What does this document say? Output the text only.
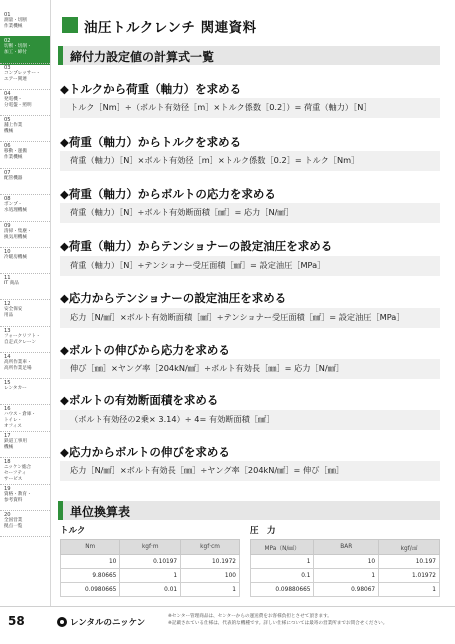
01
測量・切断
作業機械
02
切断・切削・
加工・締付
03
コンプレッサー・
エアー関連
04
発電機・
分電盤・照明
05
舗上作業
機械
06
移動・運搬
作業機械
07
配管機器
08
ポンプ・
水処理機械
09
清掃・集塵・
換気用機械
10
冷暖房機械
11
IT 商品
12
安全保安
用品
13
フォークリフト・
自走式クレーン
14
高所作業車・
高所作業足場
15
レンタカー
16
ハウス・倉庫・
トイレ・
オフィス
17
鉄道工事用
機械
18
ニッケン総合
セーフティ
サービス
19
資格・教育・
参考資料
20
全国営業
拠点一覧
油圧トルクレンチ 関連資料
締付力設定値の計算式一覧
◆トルクから荷重（軸力）を求める
トルク［Nm］÷（ボルト有効径［m］×トルク係数［0.2］）= 荷重（軸力）［N］
◆荷重（軸力）からトルクを求める
荷重（軸力）［N］×ボルト有効径［m］×トルク係数［0.2］= トルク［Nm］
◆荷重（軸力）からボルトの応力を求める
荷重（軸力）［N］÷ボルト有効断面積［㎟］= 応力［N/㎟］
◆荷重（軸力）からテンショナーの設定油圧を求める
荷重（軸力）［N］÷テンショナー受圧面積［㎟］= 設定油圧［MPa］
◆応力からテンショナーの設定油圧を求める
応力［N/㎟］×ボルト有効断面積［㎟］÷テンショナー受圧面積［㎟］= 設定油圧［MPa］
◆ボルトの伸びから応力を求める
伸び［㎜］×ヤング率［204kN/㎟］÷ボルト有効長［㎜］= 応力［N/㎟］
◆ボルトの有効断面積を求める
（ボルト有効径の2乗× 3.14）÷ 4= 有効断面積［㎟］
◆応力からボルトの伸びを求める
応力［N/㎟］×ボルト有効長［㎜］÷ヤング率［204kN/㎟］= 伸び［㎜］
単位換算表
トルク
Nm	kgf·m	kgf·cm
10	0.10197	10.1972
9.80665	1	100
0.0980665	0.01	1
圧　力
MPa（N/㎟）	BAR	kgf/㎠
1	10	10.197
0.1	1	1.01972
0.09880665	0.98067	1
58	レンタルのニッケン
※センター管理商品は、センターからの運送費をお客様負担とさせて頂きます。
※記載されている仕様は、代表的な機種です。詳しい仕様については最寄の営業所までお問合せください。
